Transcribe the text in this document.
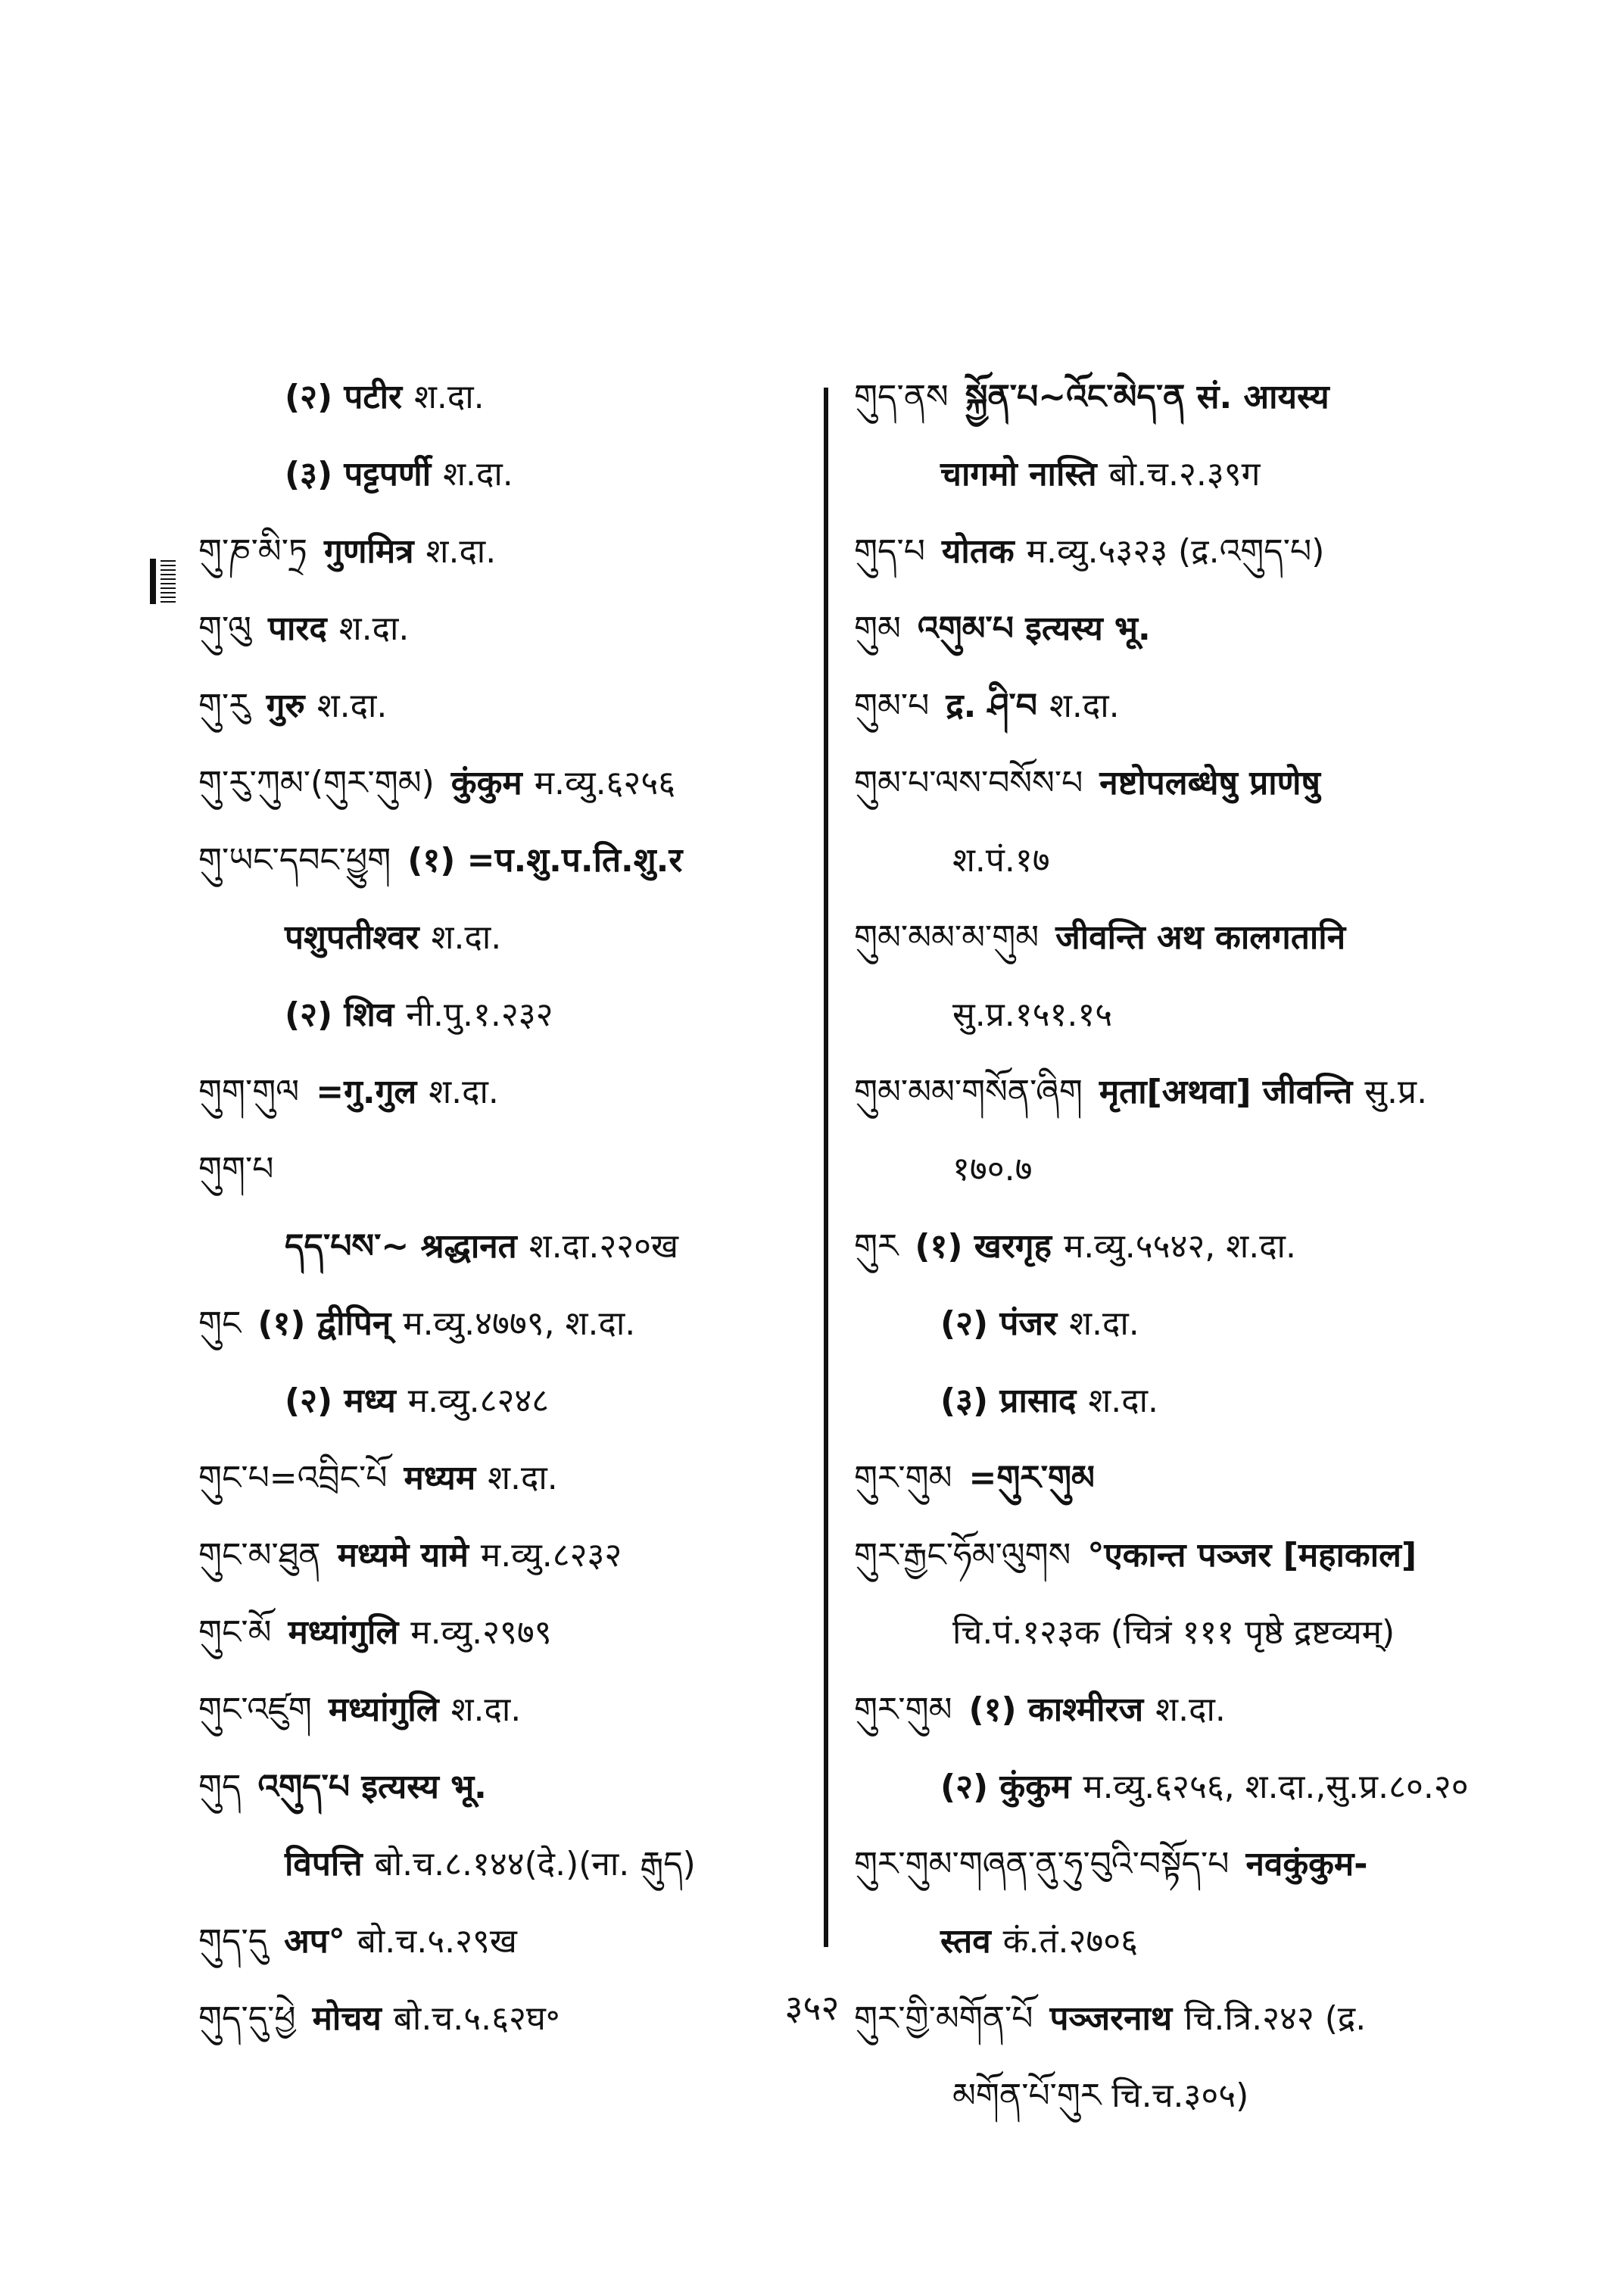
(२) पटीर श.दा.
(३) पट्टपर्णी श.दा.
གུ་ཎ་མི་ཏྲ गुणमित्र श.दा.
གུ་ལུ पारद श.दा.
གུ་རུ गुरु श.दा.
གུ་རུ་ཀུམ་(གུར་གུམ) कुंकुम म.व्यु.६२५६
གུ་ཡང་དབང་ཕྱུག (१) =प.शु.प.ति.शु.र
पशुपतीश्वर श.दा.
(२) शिव नी.पु.१.२३२
གུག་གུལ =गु.गुल श.दा.
གུག་པ
དད་པས་~ श्रद्धानत श.दा.२२०ख
གུང (१) द्वीपिन् म.व्यु.४७७९, श.दा.
(२) मध्य म.व्यु.८२४८
གུང་པ=འབྲིང་པོ मध्यम श.दा.
གུང་མ་ཐུན मध्यमे यामे म.व्यु.८२३२
གུང་མོ मध्यांगुलि म.व्यु.२९७९
གུང་འཛུག मध्यांगुलि श.दा.
གུད འགུད་པ इत्यस्य भू.
विपत्ति बो.च.८.१४४(दे.)(ना. རྒུད)
གུད་དུ अप° बो.च.५.२९ख
གུད་དུ་ཕྱེ मोचय बो.च.५.६२घ॰
གུད་ནས སྐྱོན་པ~འོང་མེད་ན सं. आयस्य
चागमो नास्ति बो.च.२.३९ग
གུད་པ योतक म.व्यु.५३२३ (द्र.འགུད་པ)
གུམ འགུམ་པ इत्यस्य भू.
གུམ་པ द्र. ཤི་བ श.दा.
གུམ་པ་ལས་བསོས་པ नष्टोपलब्धेषु प्राणेषु
श.पं.१७
གུམ་མམ་མ་གུམ जीवन्ति अथ कालगतानि
सु.प्र.१५१.१५
གུམ་མམ་གསོན་ཞིག मृता[अथवा] जीवन्ति सु.प्र.
१७०.७
གུར (१) खरगृह म.व्यु.५५४२, श.दा.
(२) पंजर श.दा.
(३) प्रासाद श.दा.
གུར་གུམ =གུར་གུམ
གུར་རྒྱང་ཧོམ་ལུགས °एकान्त पञ्जर [महाकाल]
चि.पं.१२३क (चित्रं १११ पृष्ठे द्रष्टव्यम्)
གུར་གུམ (१) काश्मीरज श.दा.
(२) कुंकुम म.व्यु.६२५६, श.दा.,सु.प्र.८०.२०
གུར་གུམ་གཞན་ནུ་ཧུ་བུའི་བསྟོད་པ नवकुंकुम-
स्तव कं.तं.२७०६
གུར་གྱི་མགོན་པོ पञ्जरनाथ चि.त्रि.२४२ (द्र.
མགོན་པོ་གུར चि.च.३०५)
३५२
